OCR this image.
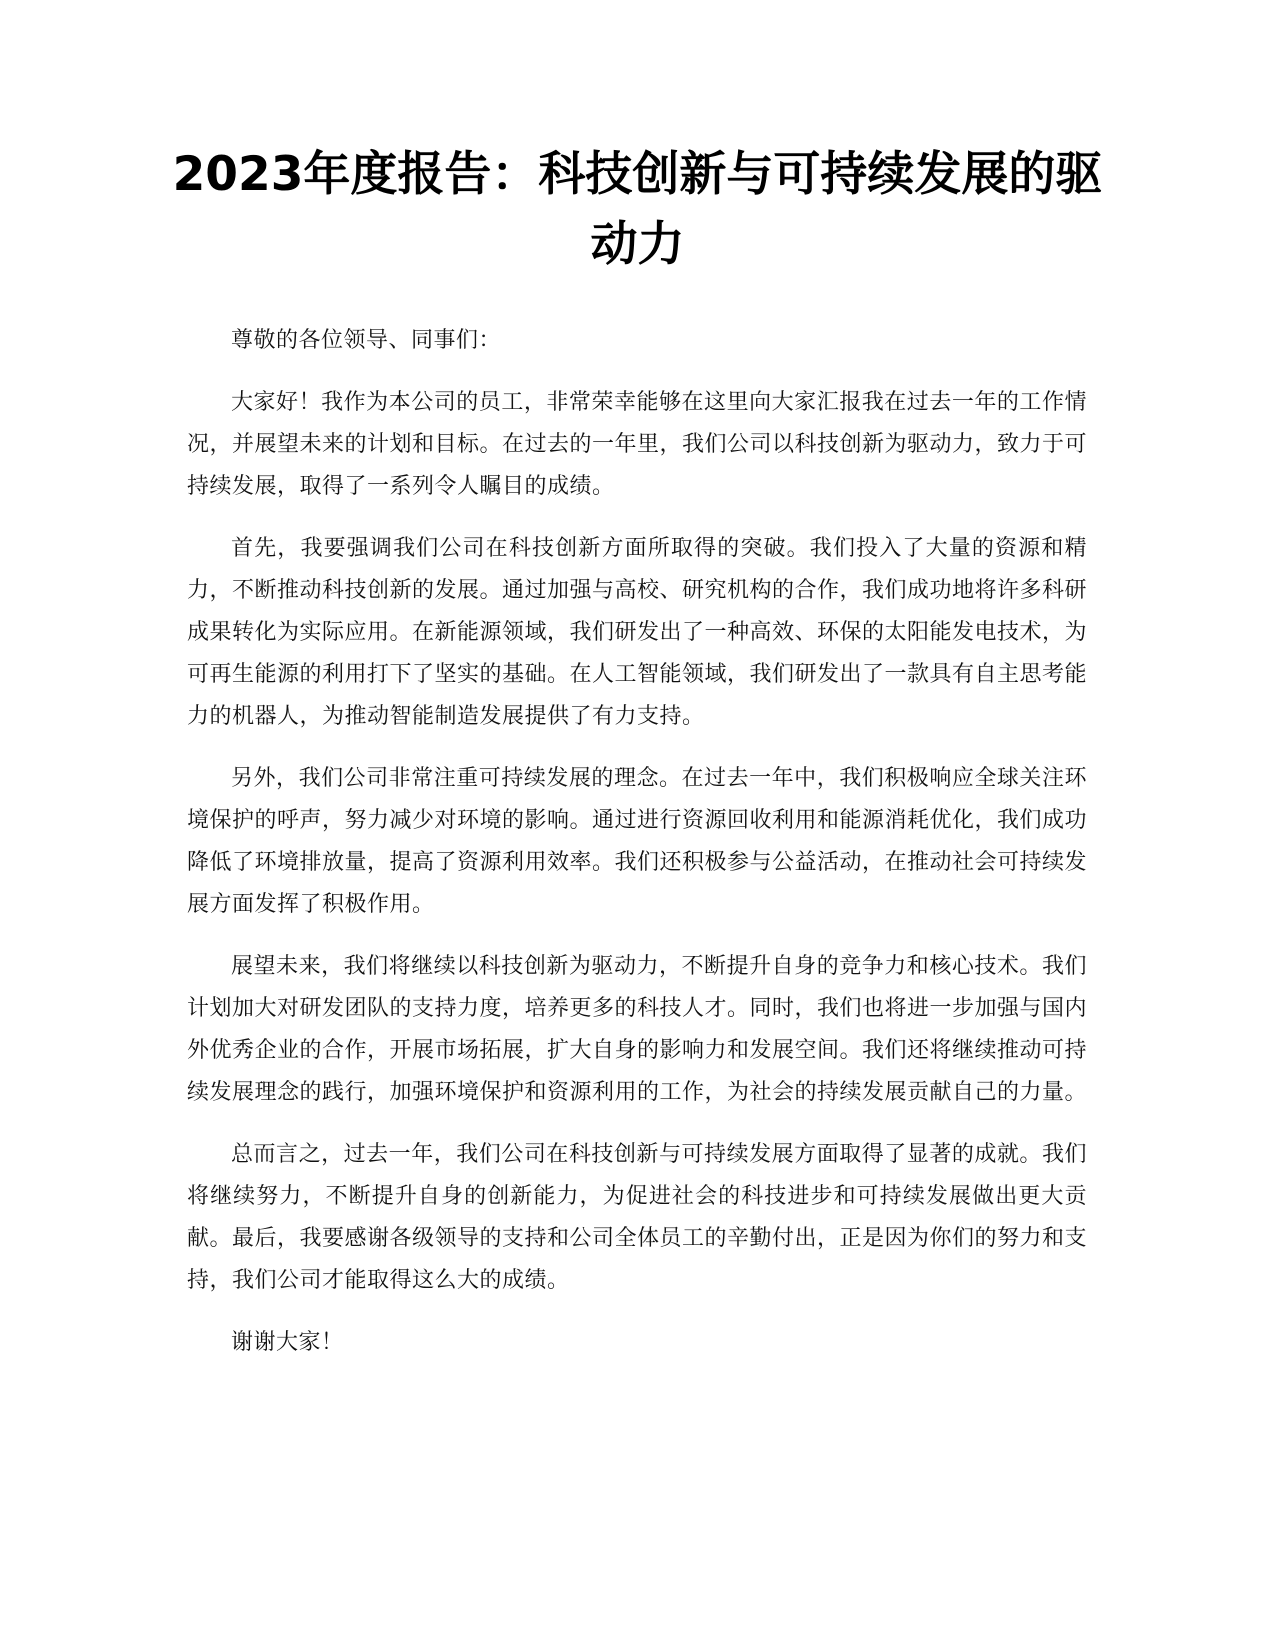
2023年度报告：科技创新与可持续发展的驱动力

尊敬的各位领导、同事们：

大家好！我作为本公司的员工，非常荣幸能够在这里向大家汇报我在过去一年的工作情况，并展望未来的计划和目标。在过去的一年里，我们公司以科技创新为驱动力，致力于可持续发展，取得了一系列令人瞩目的成绩。

首先，我要强调我们公司在科技创新方面所取得的突破。我们投入了大量的资源和精力，不断推动科技创新的发展。通过加强与高校、研究机构的合作，我们成功地将许多科研成果转化为实际应用。在新能源领域，我们研发出了一种高效、环保的太阳能发电技术，为可再生能源的利用打下了坚实的基础。在人工智能领域，我们研发出了一款具有自主思考能力的机器人，为推动智能制造发展提供了有力支持。

另外，我们公司非常注重可持续发展的理念。在过去一年中，我们积极响应全球关注环境保护的呼声，努力减少对环境的影响。通过进行资源回收利用和能源消耗优化，我们成功降低了环境排放量，提高了资源利用效率。我们还积极参与公益活动，在推动社会可持续发展方面发挥了积极作用。

展望未来，我们将继续以科技创新为驱动力，不断提升自身的竞争力和核心技术。我们计划加大对研发团队的支持力度，培养更多的科技人才。同时，我们也将进一步加强与国内外优秀企业的合作，开展市场拓展，扩大自身的影响力和发展空间。我们还将继续推动可持续发展理念的践行，加强环境保护和资源利用的工作，为社会的持续发展贡献自己的力量。

总而言之，过去一年，我们公司在科技创新与可持续发展方面取得了显著的成就。我们将继续努力，不断提升自身的创新能力，为促进社会的科技进步和可持续发展做出更大贡献。最后，我要感谢各级领导的支持和公司全体员工的辛勤付出，正是因为你们的努力和支持，我们公司才能取得这么大的成绩。

谢谢大家！
